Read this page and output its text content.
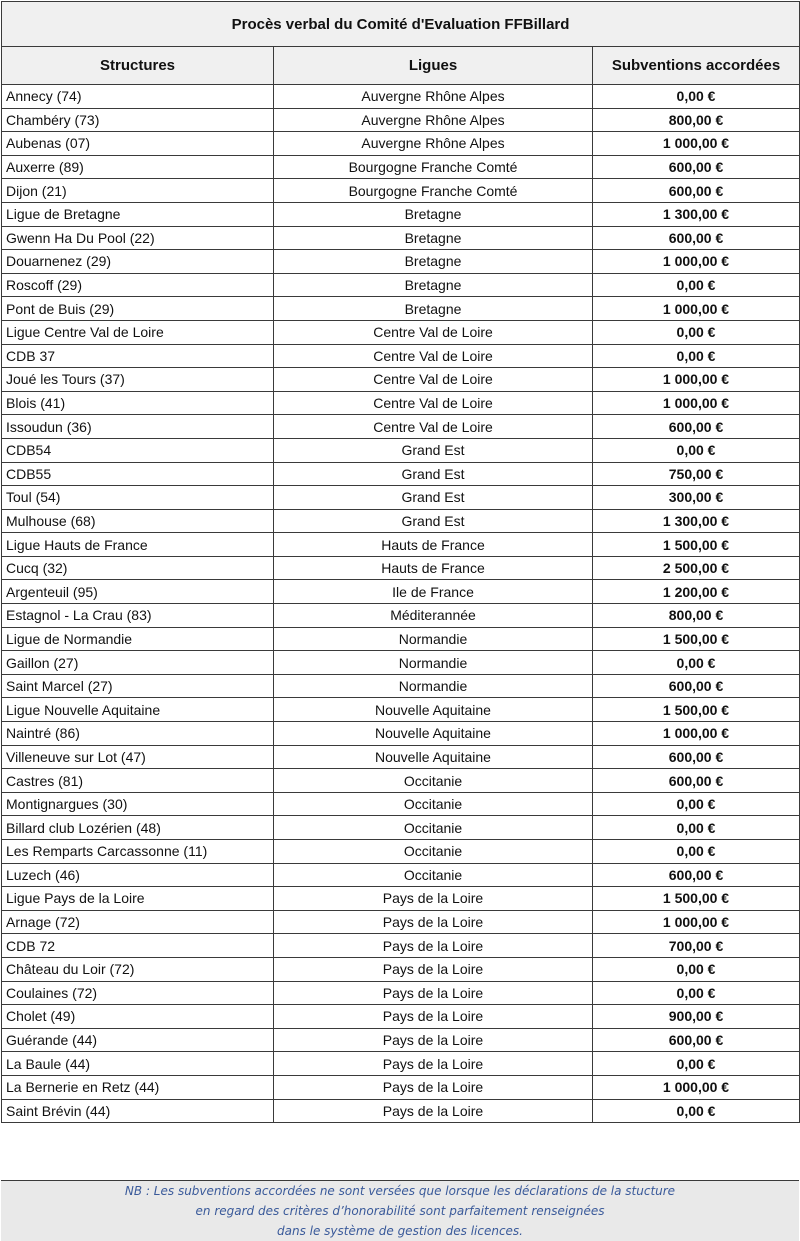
Procès verbal du Comité d'Evaluation FFBillard		
Structures	Ligues	Subventions accordées
Annecy (74)	Auvergne Rhône Alpes	0,00 €
Chambéry (73)	Auvergne Rhône Alpes	800,00 €
Aubenas (07)	Auvergne Rhône Alpes	1 000,00 €
Auxerre (89)	Bourgogne Franche Comté	600,00 €
Dijon (21)	Bourgogne Franche Comté	600,00 €
Ligue de Bretagne	Bretagne	1 300,00 €
Gwenn Ha Du Pool (22)	Bretagne	600,00 €
Douarnenez (29)	Bretagne	1 000,00 €
Roscoff (29)	Bretagne	0,00 €
Pont de Buis (29)	Bretagne	1 000,00 €
Ligue Centre Val de Loire	Centre Val de Loire	0,00 €
CDB 37	Centre Val de Loire	0,00 €
Joué les Tours (37)	Centre Val de Loire	1 000,00 €
Blois (41)	Centre Val de Loire	1 000,00 €
Issoudun (36)	Centre Val de Loire	600,00 €
CDB54	Grand Est	0,00 €
CDB55	Grand Est	750,00 €
Toul (54)	Grand Est	300,00 €
Mulhouse (68)	Grand Est	1 300,00 €
Ligue Hauts de France	Hauts de France	1 500,00 €
Cucq (32)	Hauts de France	2 500,00 €
Argenteuil (95)	Ile de France	1 200,00 €
Estagnol - La Crau (83)	Méditerannée	800,00 €
Ligue de Normandie	Normandie	1 500,00 €
Gaillon (27)	Normandie	0,00 €
Saint Marcel (27)	Normandie	600,00 €
Ligue Nouvelle Aquitaine	Nouvelle Aquitaine	1 500,00 €
Naintré (86)	Nouvelle Aquitaine	1 000,00 €
Villeneuve sur Lot (47)	Nouvelle Aquitaine	600,00 €
Castres (81)	Occitanie	600,00 €
Montignargues (30)	Occitanie	0,00 €
Billard club Lozérien (48)	Occitanie	0,00 €
Les Remparts Carcassonne (11)	Occitanie	0,00 €
Luzech (46)	Occitanie	600,00 €
Ligue Pays de la Loire	Pays de la Loire	1 500,00 €
Arnage (72)	Pays de la Loire	1 000,00 €
CDB 72	Pays de la Loire	700,00 €
Château du Loir (72)	Pays de la Loire	0,00 €
Coulaines (72)	Pays de la Loire	0,00 €
Cholet (49)	Pays de la Loire	900,00 €
Guérande (44)	Pays de la Loire	600,00 €
La Baule (44)	Pays de la Loire	0,00 €
La Bernerie en Retz (44)	Pays de la Loire	1 000,00 €
Saint Brévin (44)	Pays de la Loire	0,00 €
NB : Les subventions accordées ne sont versées que lorsque les déclarations de la stucture
en regard des critères d’honorabilité sont parfaitement renseignées
dans le système de gestion des licences.
